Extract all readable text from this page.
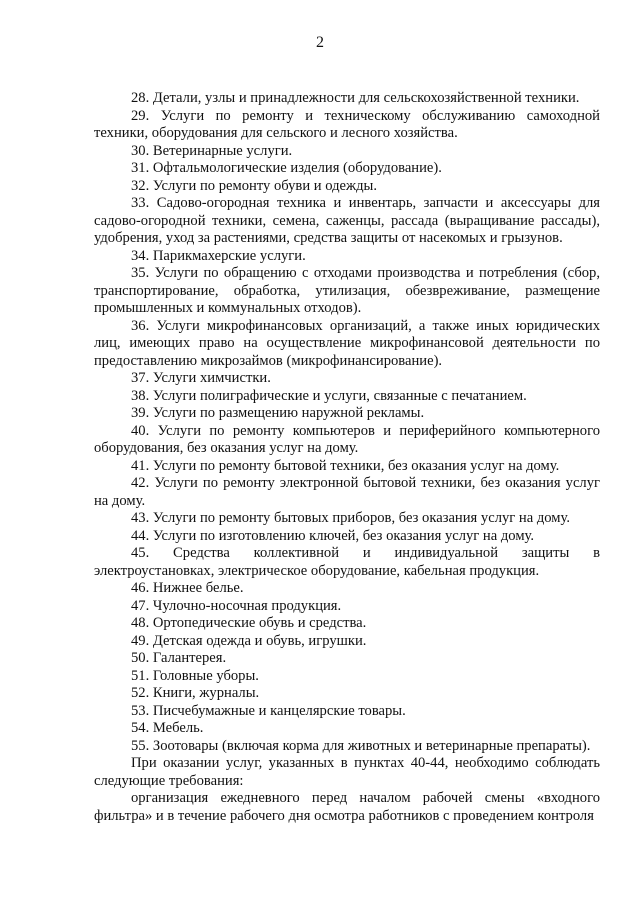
2

28. Детали, узлы и принадлежности для сельскохозяйственной техники.

29. Услуги по ремонту и техническому обслуживанию самоходной техники, оборудования для сельского и лесного хозяйства.

30. Ветеринарные услуги.

31. Офтальмологические изделия (оборудование).

32. Услуги по ремонту обуви и одежды.

33. Садово-огородная техника и инвентарь, запчасти и аксессуары для садово-огородной техники, семена, саженцы, рассада (выращивание рассады), удобрения, уход за растениями, средства защиты от насекомых и грызунов.

34. Парикмахерские услуги.

35. Услуги по обращению с отходами производства и потребления (сбор, транспортирование, обработка, утилизация, обезвреживание, размещение промышленных и коммунальных отходов).

36. Услуги микрофинансовых организаций, а также иных юридических лиц, имеющих право на осуществление микрофинансовой деятельности по предоставлению микрозаймов (микрофинансирование).

37. Услуги химчистки.

38. Услуги полиграфические и услуги, связанные с печатанием.

39. Услуги по размещению наружной рекламы.

40. Услуги по ремонту компьютеров и периферийного компьютерного оборудования, без оказания услуг на дому.

41. Услуги по ремонту бытовой техники, без оказания услуг на дому.

42. Услуги по ремонту электронной бытовой техники, без оказания услуг на дому.

43. Услуги по ремонту бытовых приборов, без оказания услуг на дому.

44. Услуги по изготовлению ключей, без оказания услуг на дому.

45. Средства коллективной и индивидуальной защиты в электроустановках, электрическое оборудование, кабельная продукция.

46. Нижнее белье.

47. Чулочно-носочная продукция.

48. Ортопедические обувь и средства.

49. Детская одежда и обувь, игрушки.

50. Галантерея.

51. Головные уборы.

52. Книги, журналы.

53. Писчебумажные и канцелярские товары.

54. Мебель.

55. Зоотовары (включая корма для животных и ветеринарные препараты).

При оказании услуг, указанных в пунктах 40-44, необходимо соблюдать следующие требования:

организация ежедневного перед началом рабочей смены «входного фильтра» и в течение рабочего дня осмотра работников с проведением контроля
